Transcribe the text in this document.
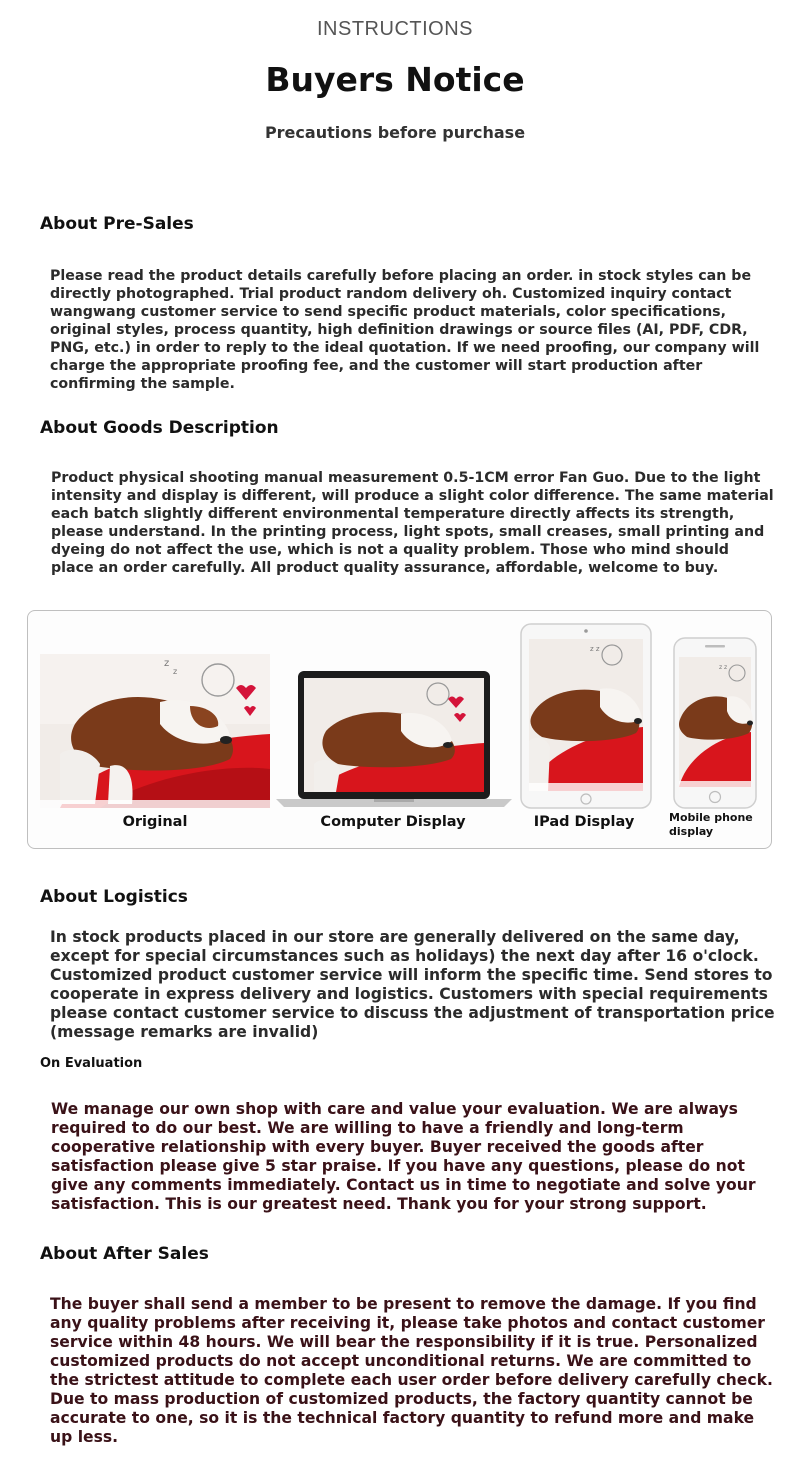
INSTRUCTIONS
Buyers Notice
Precautions before purchase
About Pre-Sales
Please read the product details carefully before placing an order. in stock styles can be directly photographed. Trial product random delivery oh. Customized inquiry contact wangwang customer service to send specific product materials, color specifications, original styles, process quantity, high definition drawings or source files (AI, PDF, CDR, PNG, etc.) in order to reply to the ideal quotation. If we need proofing, our company will charge the appropriate proofing fee, and the customer will start production after confirming the sample.
About Goods Description
Product physical shooting manual measurement 0.5-1CM error Fan Guo. Due to the light intensity and display is different, will produce a slight color difference. The same material each batch slightly different environmental temperature directly affects its strength, please understand. In the printing process, light spots, small creases, small printing and dyeing do not affect the use, which is not a quality problem. Those who mind should place an order carefully. All product quality assurance, affordable, welcome to buy.
z
z
Original	Computer Display
z z
IPad Display
z z
Mobile phone display
About Logistics
In stock products placed in our store are generally delivered on the same day, except for special circumstances such as holidays) the next day after 16 o'clock. Customized product customer service will inform the specific time. Send stores to cooperate in express delivery and logistics. Customers with special requirements please contact customer service to discuss the adjustment of transportation price (message remarks are invalid)
On Evaluation
We manage our own shop with care and value your evaluation. We are always required to do our best. We are willing to have a friendly and long-term cooperative relationship with every buyer. Buyer received the goods after satisfaction please give 5 star praise. If you have any questions, please do not give any comments immediately. Contact us in time to negotiate and solve your satisfaction. This is our greatest need. Thank you for your strong support.
About After Sales
The buyer shall send a member to be present to remove the damage. If you find any quality problems after receiving it, please take photos and contact customer service within 48 hours. We will bear the responsibility if it is true. Personalized customized products do not accept unconditional returns. We are committed to the strictest attitude to complete each user order before delivery carefully check. Due to mass production of customized products, the factory quantity cannot be accurate to one, so it is the technical factory quantity to refund more and make up less.
